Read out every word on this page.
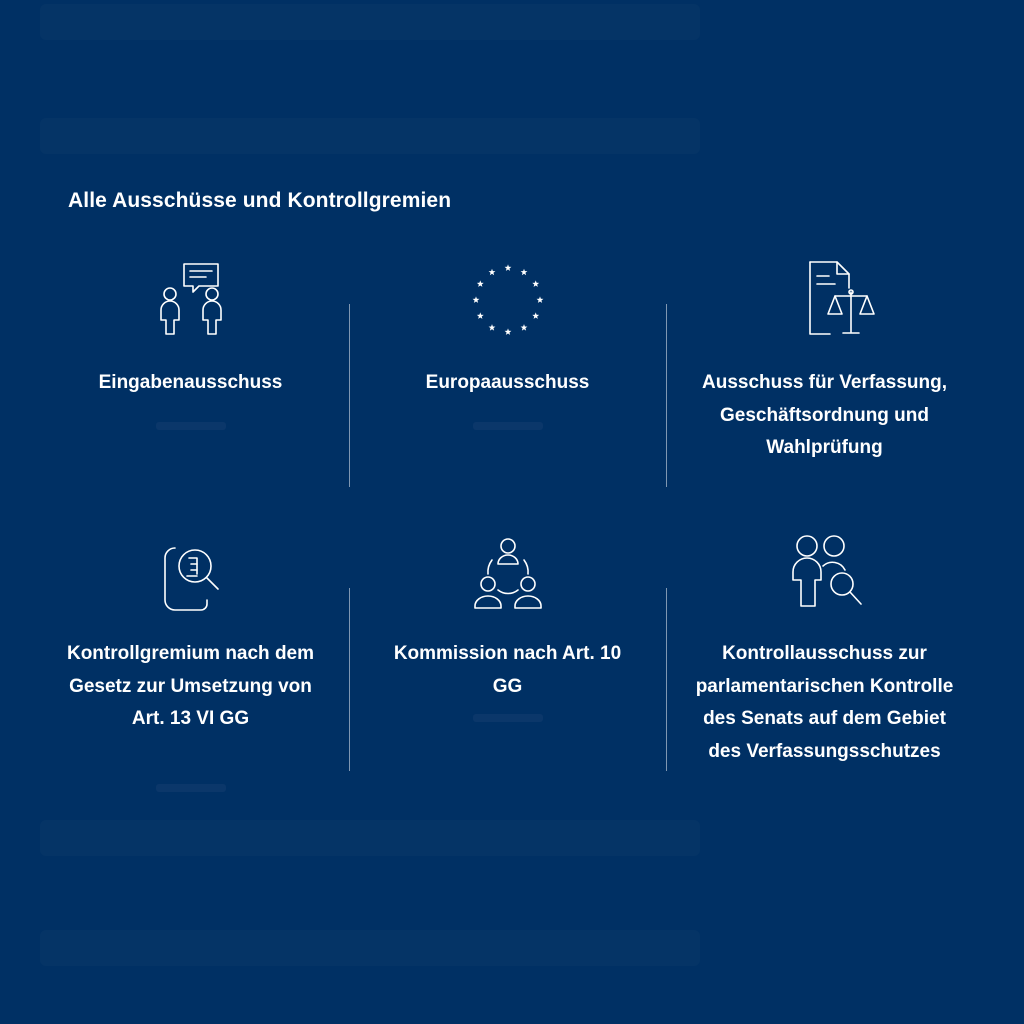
Alle Ausschüsse und Kontrollgremien
Eingabenausschuss	Europaausschuss	Ausschuss für Verfassung, Geschäftsordnung und Wahlprüfung
Kontrollgremium nach dem Gesetz zur Umsetzung von Art. 13 VI GG
Kommission nach Art. 10 GG
Kontrollausschuss zur parlamentarischen Kontrolle des Senats auf dem Gebiet des Verfassungsschutzes
